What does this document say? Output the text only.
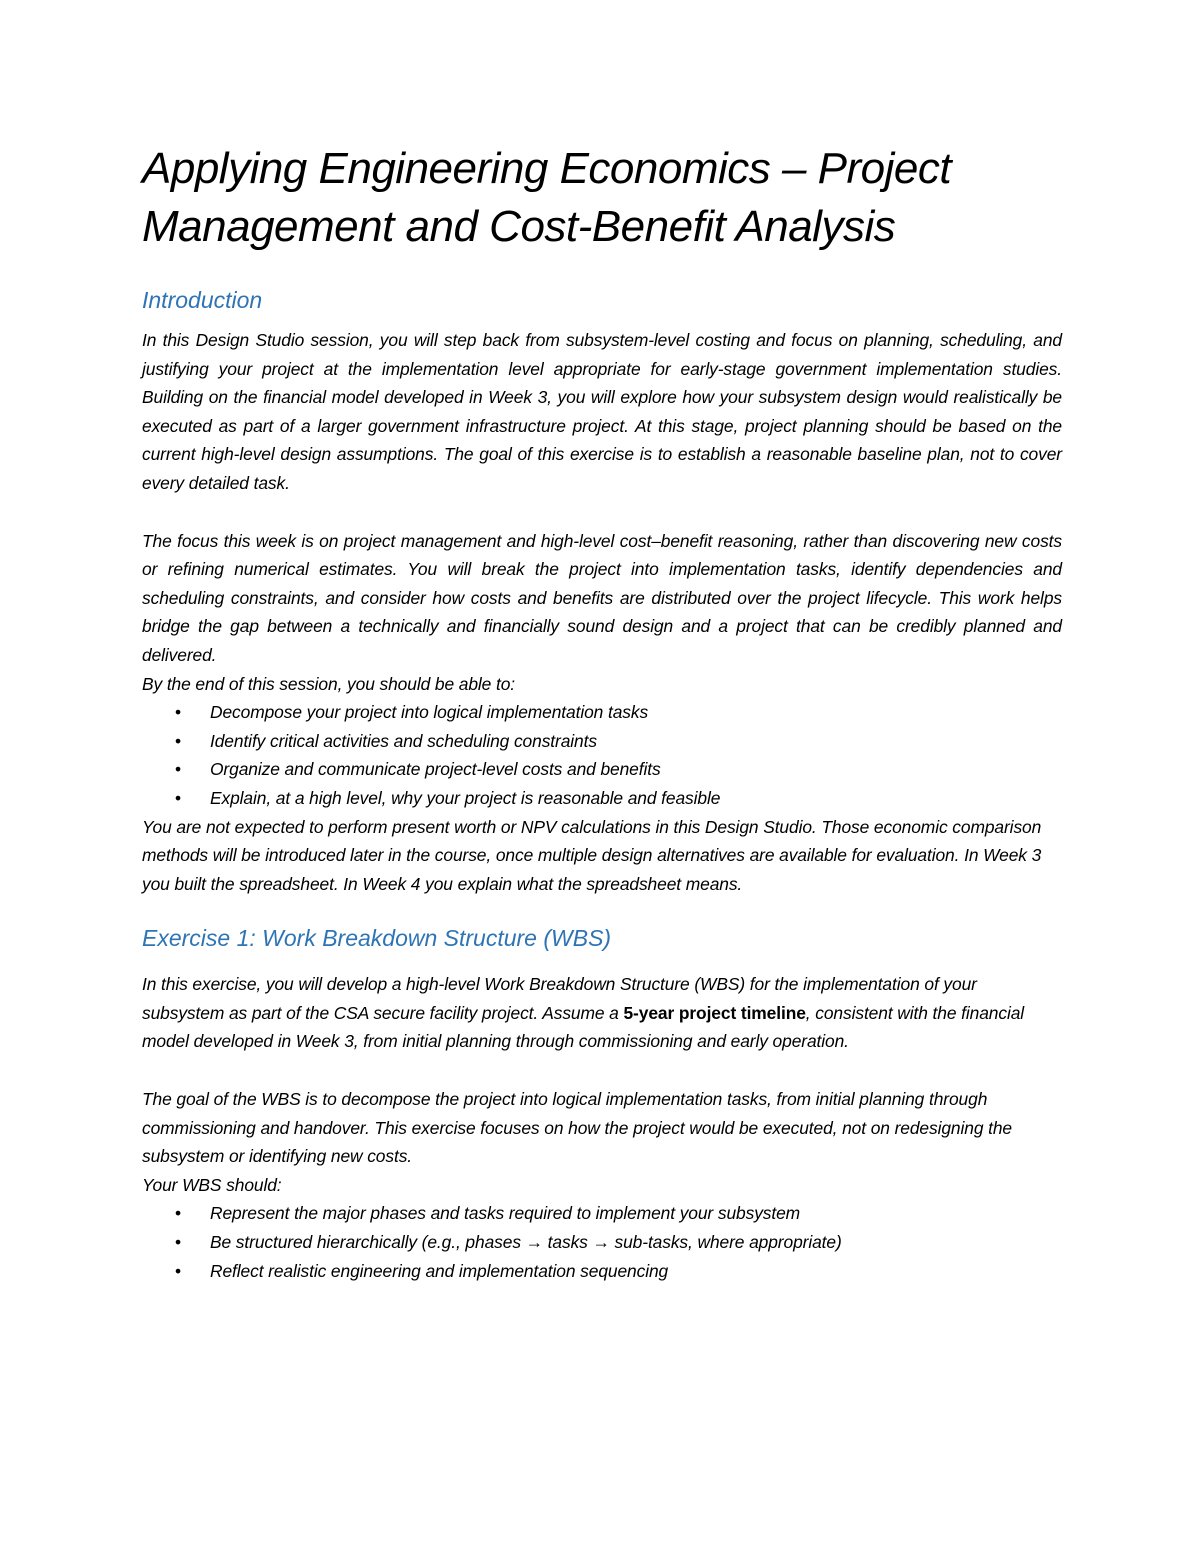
Applying Engineering Economics – Project
Management and Cost-Benefit Analysis
Introduction

In this Design Studio session, you will step back from subsystem-level costing and focus on planning, scheduling, and justifying your project at the implementation level appropriate for early-stage government implementation studies. Building on the financial model developed in Week 3, you will explore how your subsystem design would realistically be executed as part of a larger government infrastructure project. At this stage, project planning should be based on the current high-level design assumptions. The goal of this exercise is to establish a reasonable baseline plan, not to cover every detailed task.

The focus this week is on project management and high-level cost–benefit reasoning, rather than discovering new costs or refining numerical estimates. You will break the project into implementation tasks, identify dependencies and scheduling constraints, and consider how costs and benefits are distributed over the project lifecycle. This work helps bridge the gap between a technically and financially sound design and a project that can be credibly planned and delivered.

By the end of this session, you should be able to:

• Decompose your project into logical implementation tasks
• Identify critical activities and scheduling constraints
• Organize and communicate project-level costs and benefits
• Explain, at a high level, why your project is reasonable and feasible

You are not expected to perform present worth or NPV calculations in this Design Studio. Those economic comparison methods will be introduced later in the course, once multiple design alternatives are available for evaluation. In Week 3 you built the spreadsheet. In Week 4 you explain what the spreadsheet means.

Exercise 1: Work Breakdown Structure (WBS)

In this exercise, you will develop a high-level Work Breakdown Structure (WBS) for the implementation of your subsystem as part of the CSA secure facility project. Assume a 5-year project timeline, consistent with the financial model developed in Week 3, from initial planning through commissioning and early operation.

The goal of the WBS is to decompose the project into logical implementation tasks, from initial planning through commissioning and handover. This exercise focuses on how the project would be executed, not on redesigning the subsystem or identifying new costs.

Your WBS should:

• Represent the major phases and tasks required to implement your subsystem
• Be structured hierarchically (e.g., phases → tasks → sub-tasks, where appropriate)
• Reflect realistic engineering and implementation sequencing
